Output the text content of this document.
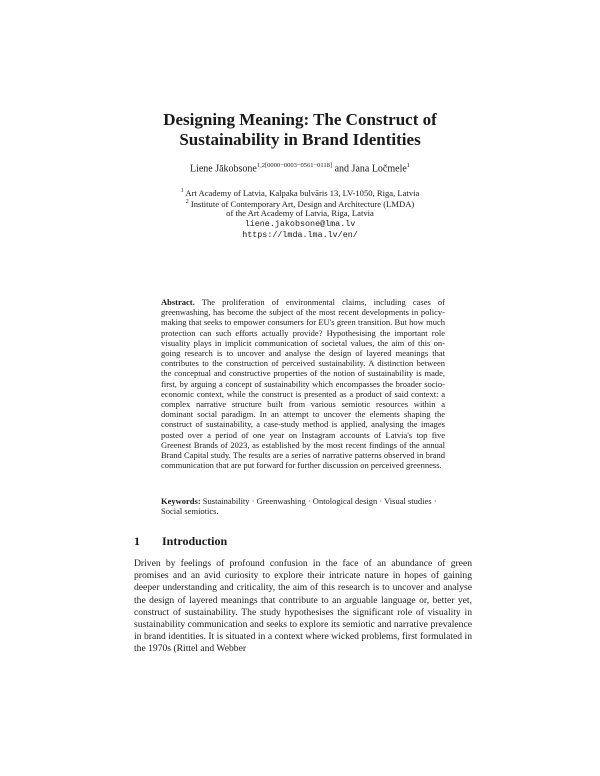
Designing Meaning: The Construct of
Sustainability in Brand Identities
Liene Jākobsone$^{1,2[0000-0003-0561-0118]}$ and Jana Ločmele$^1$
$^1$ Art Academy of Latvia, Kalpaka bulvāris 13, LV-1050, Riga, Latvia
$^2$ Institute of Contemporary Art, Design and Architecture (LMDA)
of the Art Academy of Latvia, Riga, Latvia
liene.jakobsone@lma.lv
https://lmda.lma.lv/en/
Abstract. The proliferation of environmental claims, including cases of greenwashing, has become the subject of the most recent developments in policy-making that seeks to empower consumers for EU's green transition. But how much protection can such efforts actually provide? Hypothesising the important role visuality plays in implicit communication of societal values, the aim of this on-going research is to uncover and analyse the design of layered meanings that contributes to the construction of perceived sustainability. A distinction between the conceptual and constructive properties of the notion of sustainability is made, first, by arguing a concept of sustainability which encompasses the broader socio-economic context, while the construct is presented as a product of said context: a complex narrative structure built from various semiotic resources within a dominant social paradigm. In an attempt to uncover the elements shaping the construct of sustainability, a case-study method is applied, analysing the images posted over a period of one year on Instagram accounts of Latvia's top five Greenest Brands of 2023, as established by the most recent findings of the annual Brand Capital study. The results are a series of narrative patterns observed in brand communication that are put forward for further discussion on perceived greenness.
Keywords: Sustainability · Greenwashing · Ontological design · Visual studies · Social semiotics.
1 Introduction
Driven by feelings of profound confusion in the face of an abundance of green promises and an avid curiosity to explore their intricate nature in hopes of gaining deeper understanding and criticality, the aim of this research is to uncover and analyse the design of layered meanings that contribute to an arguable language or, better yet, construct of sustainability. The study hypothesises the significant role of visuality in sustainability communication and seeks to explore its semiotic and narrative prevalence in brand identities. It is situated in a context where wicked problems, first formulated in the 1970s (Rittel and Webber
